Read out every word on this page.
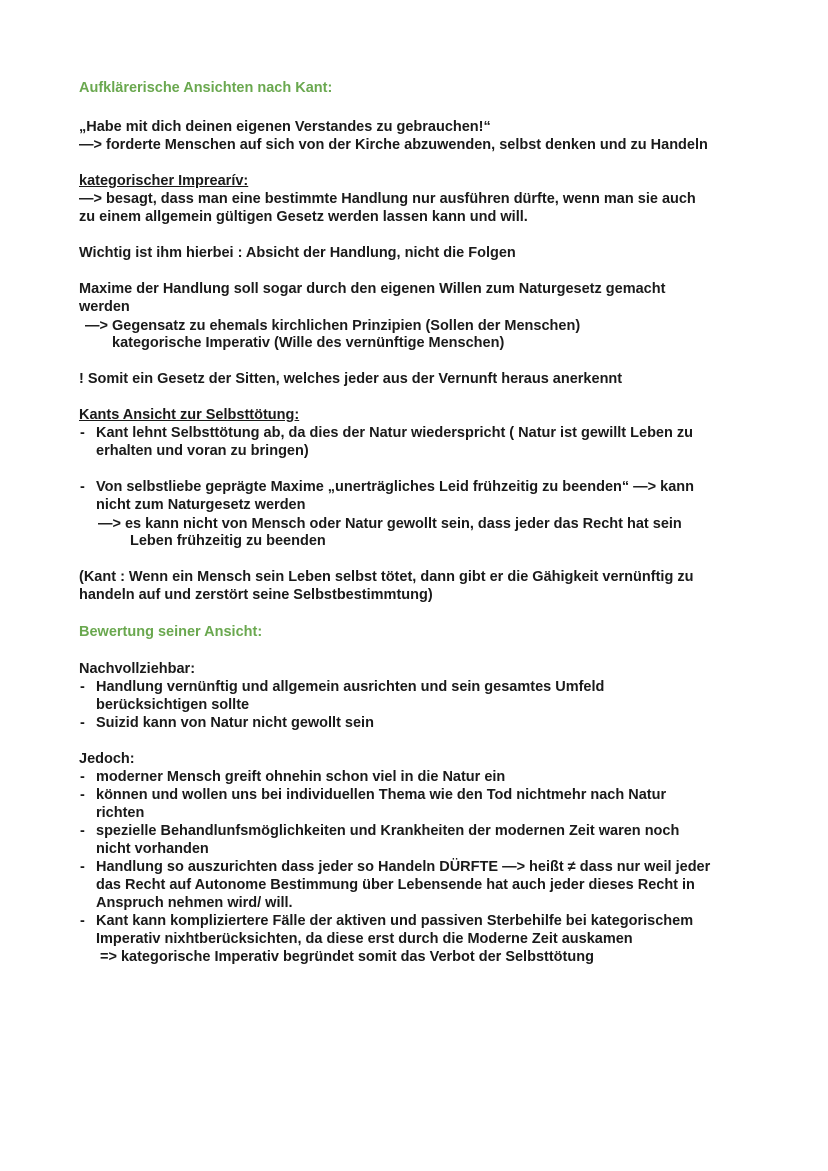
Aufklärerische Ansichten nach Kant:
„Habe mit dich deinen eigenen Verstandes zu gebrauchen!“
—> forderte Menschen auf sich von der Kirche abzuwenden, selbst denken und zu Handeln
kategorischer Imprearív:
—> besagt, dass man eine bestimmte Handlung nur ausführen dürfte, wenn man sie auch
zu einem allgemein gültigen Gesetz werden lassen kann und will.
Wichtig ist ihm hierbei : Absicht der Handlung, nicht die Folgen
Maxime der Handlung soll sogar durch den eigenen Willen zum Naturgesetz gemacht
werden
—> Gegensatz zu ehemals kirchlichen Prinzipien (Sollen der Menschen)
kategorische Imperativ (Wille des vernünftige Menschen)
! Somit ein Gesetz der Sitten, welches jeder aus der Vernunft heraus anerkennt
Kants Ansicht zur Selbsttötung:
- Kant lehnt Selbsttötung ab, da dies der Natur wiederspricht ( Natur ist gewillt Leben zu
erhalten und voran zu bringen)
- Von selbstliebe geprägte Maxime „unerträgliches Leid frühzeitig zu beenden“ —> kann
nicht zum Naturgesetz werden
—> es kann nicht von Mensch oder Natur gewollt sein, dass jeder das Recht hat sein
Leben frühzeitig zu beenden
(Kant : Wenn ein Mensch sein Leben selbst tötet, dann gibt er die Gähigkeit vernünftig zu
handeln auf und zerstört seine Selbstbestimmtung)
Bewertung seiner Ansicht:
Nachvollziehbar:
- Handlung vernünftig und allgemein ausrichten und sein gesamtes Umfeld
berücksichtigen sollte
- Suizid kann von Natur nicht gewollt sein
Jedoch:
- moderner Mensch greift ohnehin schon viel in die Natur ein
- können und wollen uns bei individuellen Thema wie den Tod nichtmehr nach Natur
richten
- spezielle Behandlunfsmöglichkeiten und Krankheiten der modernen Zeit waren noch
nicht vorhanden
- Handlung so auszurichten dass jeder so Handeln DÜRFTE —> heißt ≠ dass nur weil jeder
das Recht auf Autonome Bestimmung über Lebensende hat auch jeder dieses Recht in
Anspruch nehmen wird/ will.
- Kant kann kompliziertere Fälle der aktiven und passiven Sterbehilfe bei kategorischem
Imperativ nixhtberücksichten, da diese erst durch die Moderne Zeit auskamen
=> kategorische Imperativ begründet somit das Verbot der Selbsttötung
